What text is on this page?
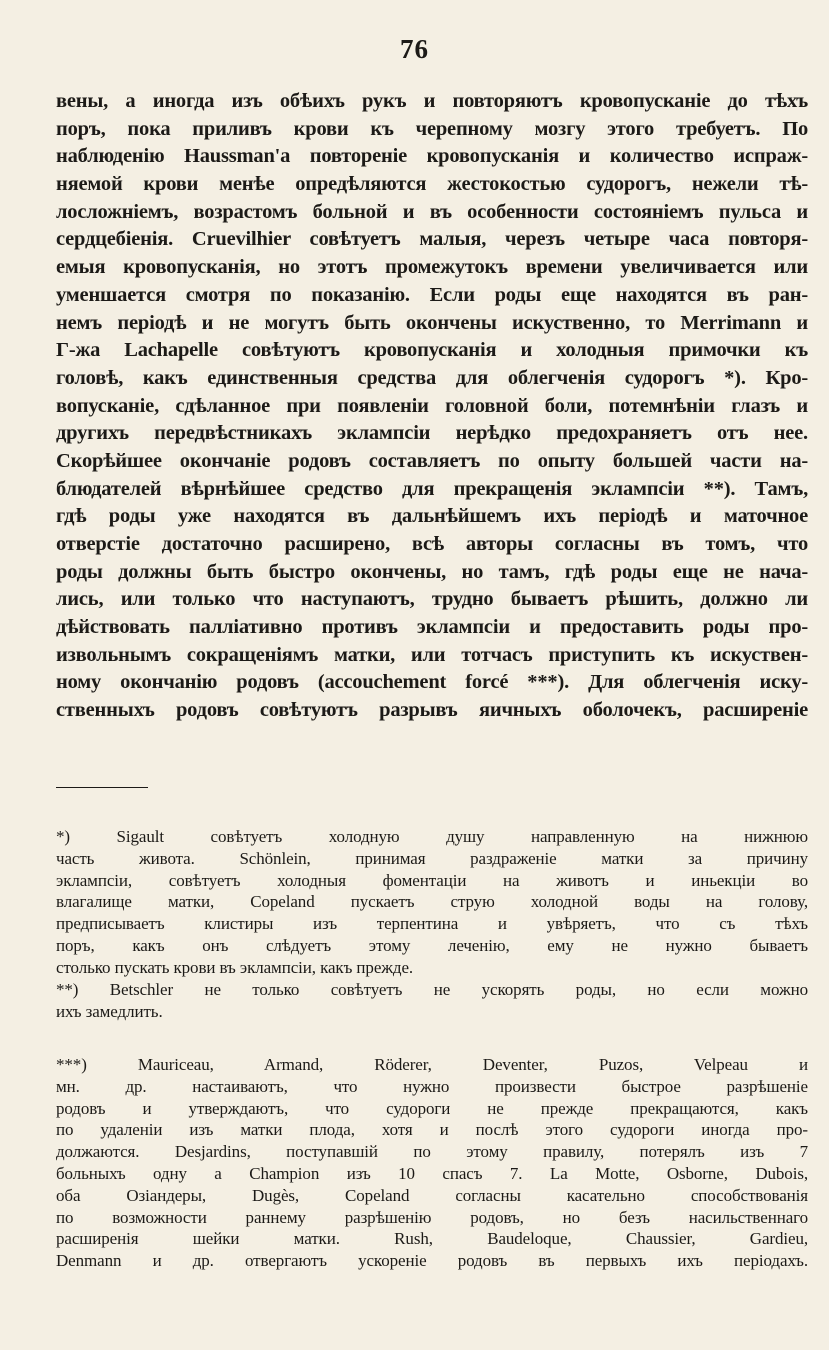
76
вены, а иногда изъ обѣихъ рукъ и повторяютъ кровопусканіе до тѣхъ
поръ, пока приливъ крови къ черепному мозгу этого требуетъ. По
наблюденію Haussman'а повтореніе кровопусканія и количество испраж-
няемой крови менѣе опредѣляются жестокостью судорогъ, нежели тѣ-
лосложніемъ, возрастомъ больной и въ особенности состояніемъ пульса и
сердцебіенія. Cruevilhier совѣтуетъ малыя, черезъ четыре часа повторя-
емыя кровопусканія, но этотъ промежутокъ времени увеличивается или
уменшается смотря по показанію. Если роды еще находятся въ ран-
немъ періодѣ и не могутъ быть окончены искуственно, то Merrimann и
Г-жа Lachapelle совѣтуютъ кровопусканія и холодныя примочки къ
головѣ, какъ единственныя средства для облегченія судорогъ *). Кро-
вопусканіе, сдѣланное при появленіи головной боли, потемнѣніи глазъ и
другихъ передвѣстникахъ эклампсіи нерѣдко предохраняетъ отъ нее.
Скорѣйшее окончаніе родовъ составляетъ по опыту большей части на-
блюдателей вѣрнѣйшее средство для прекращенія эклампсіи **). Тамъ,
гдѣ роды уже находятся въ дальнѣйшемъ ихъ періодѣ и маточное
отверстіе достаточно расширено, всѣ авторы согласны въ томъ, что
роды должны быть быстро окончены, но тамъ, гдѣ роды еще не нача-
лись, или только что наступаютъ, трудно бываетъ рѣшить, должно ли
дѣйствовать палліативно противъ эклампсіи и предоставить роды про-
извольнымъ сокращеніямъ матки, или тотчасъ приступить къ искуствен-
ному окончанію родовъ (accouchement forcé ***). Для облегченія иску-
ственныхъ родовъ совѣтуютъ разрывъ яичныхъ оболочекъ, расширеніе
*) Sigault совѣтуетъ холодную душу направленную на нижнюю
часть живота. Schönlein, принимая раздраженіе матки за причину
эклампсіи, совѣтуетъ холодныя фоментаціи на животъ и иньекціи во
влагалище матки, Copeland пускаетъ струю холодной воды на голову,
предписываетъ клистиры изъ терпентина и увѣряетъ, что съ тѣхъ
поръ, какъ онъ слѣдуетъ этому леченію, ему не нужно бываетъ
столько пускать крови въ эклампсіи, какъ прежде.
**) Betschler не только совѣтуетъ не ускорять роды, но если можно
ихъ замедлить.
***) Mauriceau, Armand, Röderer, Deventer, Puzos, Velpeau и
мн. др. настаиваютъ, что нужно произвести быстрое разрѣшеніе
родовъ и утверждаютъ, что судороги не прежде прекращаются, какъ
по удаленіи изъ матки плода, хотя и послѣ этого судороги иногда про-
должаются. Desjardins, поступавшій по этому правилу, потерялъ изъ 7
больныхъ одну а Champion изъ 10 спасъ 7. La Motte, Osborne, Dubois,
оба Озіандеры, Dugès, Copeland согласны касательно способствованія
по возможности раннему разрѣшенію родовъ, но безъ насильственнаго
расширенія шейки матки. Rush, Baudeloque, Chaussier, Gardieu,
Denmann и др. отвергаютъ ускореніе родовъ въ первыхъ ихъ періодахъ.
